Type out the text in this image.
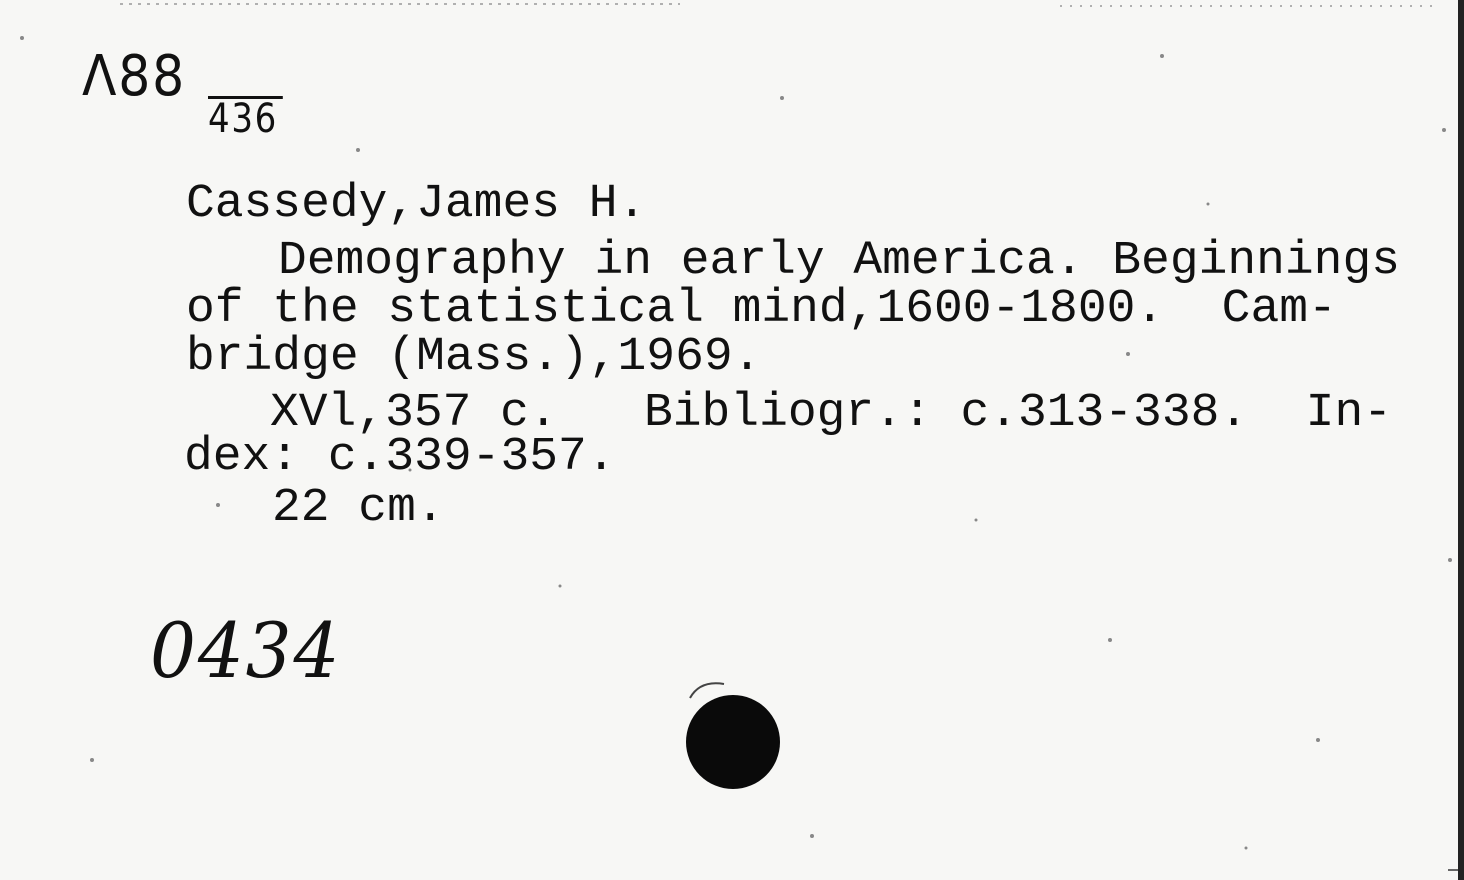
Λ88
436
Cassedy,James H.
Demography in early America. Beginnings
of the statistical mind,1600-1800.  Cam-
bridge (Mass.),1969.
XVl,357 c.   Bibliogr.: c.313-338.  In-
dex: c.339-357.
22 cm.
0434
